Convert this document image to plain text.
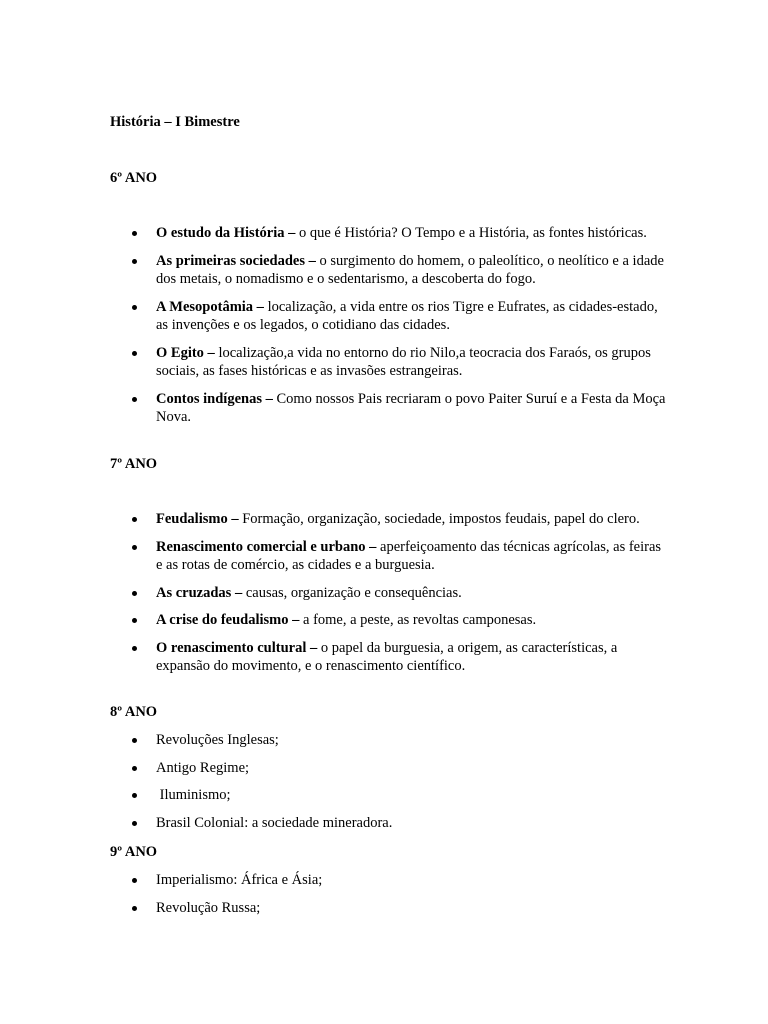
História – I Bimestre
6º ANO
O estudo da História – o que é História? O Tempo e a História, as fontes históricas.
As primeiras sociedades – o surgimento do homem, o paleolítico, o neolítico e a idade dos metais, o nomadismo e o sedentarismo, a descoberta do fogo.
A Mesopotâmia – localização, a vida entre os rios Tigre e Eufrates, as cidades-estado, as invenções e os legados, o cotidiano das cidades.
O Egito – localização,a vida no entorno do rio Nilo,a teocracia dos Faraós, os grupos sociais, as fases históricas e as invasões estrangeiras.
Contos indígenas – Como nossos Pais recriaram o povo Paiter Suruí e a Festa da Moça Nova.
7º ANO
Feudalismo – Formação, organização, sociedade, impostos feudais, papel do clero.
Renascimento comercial e urbano – aperfeiçoamento das técnicas agrícolas, as feiras e as rotas de comércio, as cidades e a burguesia.
As cruzadas – causas, organização e consequências.
A crise do feudalismo – a fome, a peste, as revoltas camponesas.
O renascimento cultural – o papel da burguesia, a origem, as características, a expansão do movimento, e o renascimento científico.
8º ANO
Revoluções Inglesas;
Antigo Regime;
Iluminismo;
Brasil Colonial: a sociedade mineradora.
9º ANO
Imperialismo: África e Ásia;
Revolução Russa;
